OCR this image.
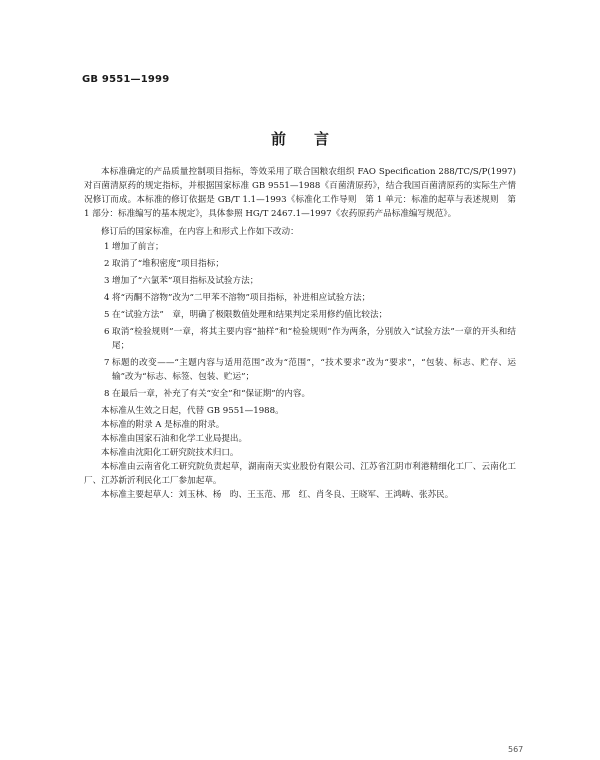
GB 9551—1999
前言

本标准确定的产品质量控制项目指标，等效采用了联合国粮农组织 FAO Specification 288/TC/S/P(1997)对百菌清原药的规定指标，并根据国家标准 GB 9551—1988《百菌清原药》，结合我国百菌清原药的实际生产情况修订而成。本标准的修订依据是 GB/T 1.1—1993《标准化工作导则　第 1 单元：标准的起草与表述规则　第 1 部分：标准编写的基本规定》，具体参照 HG/T 2467.1—1997《农药原药产品标准编写规范》。

修订后的国家标准，在内容上和形式上作如下改动：

1 增加了前言；
2 取消了“堆积密度”项目指标；
3 增加了“六氯苯”项目指标及试验方法；
4 将“丙酮不溶物”改为“二甲苯不溶物”项目指标，补进相应试验方法；
5 在“试验方法”　章，明确了极限数值处理和结果判定采用修约值比较法；
6 取消“检验规则”一章，将其主要内容“抽样”和“检验规则”作为两条，分别放入“试验方法”一章的开头和结尾；
7 标题的改变——“主题内容与适用范围”改为“范围”，“技术要求”改为“要求”，“包装、标志、贮存、运输”改为“标志、标签、包装、贮运”；
8 在最后一章，补充了有关“安全”和“保证期”的内容。

本标准从生效之日起，代替 GB 9551—1988。

本标准的附录 A 是标准的附录。

本标准由国家石油和化学工业局提出。

本标准由沈阳化工研究院技术归口。

本标准由云南省化工研究院负责起草，湖南南天实业股份有限公司、江苏省江阴市利港精细化工厂、云南化工厂、江苏新沂利民化工厂参加起草。

本标准主要起草人：刘玉林、杨　昀、王玉范、邢　红、肖冬良、王晓军、王鸿畴、张苏民。

567
